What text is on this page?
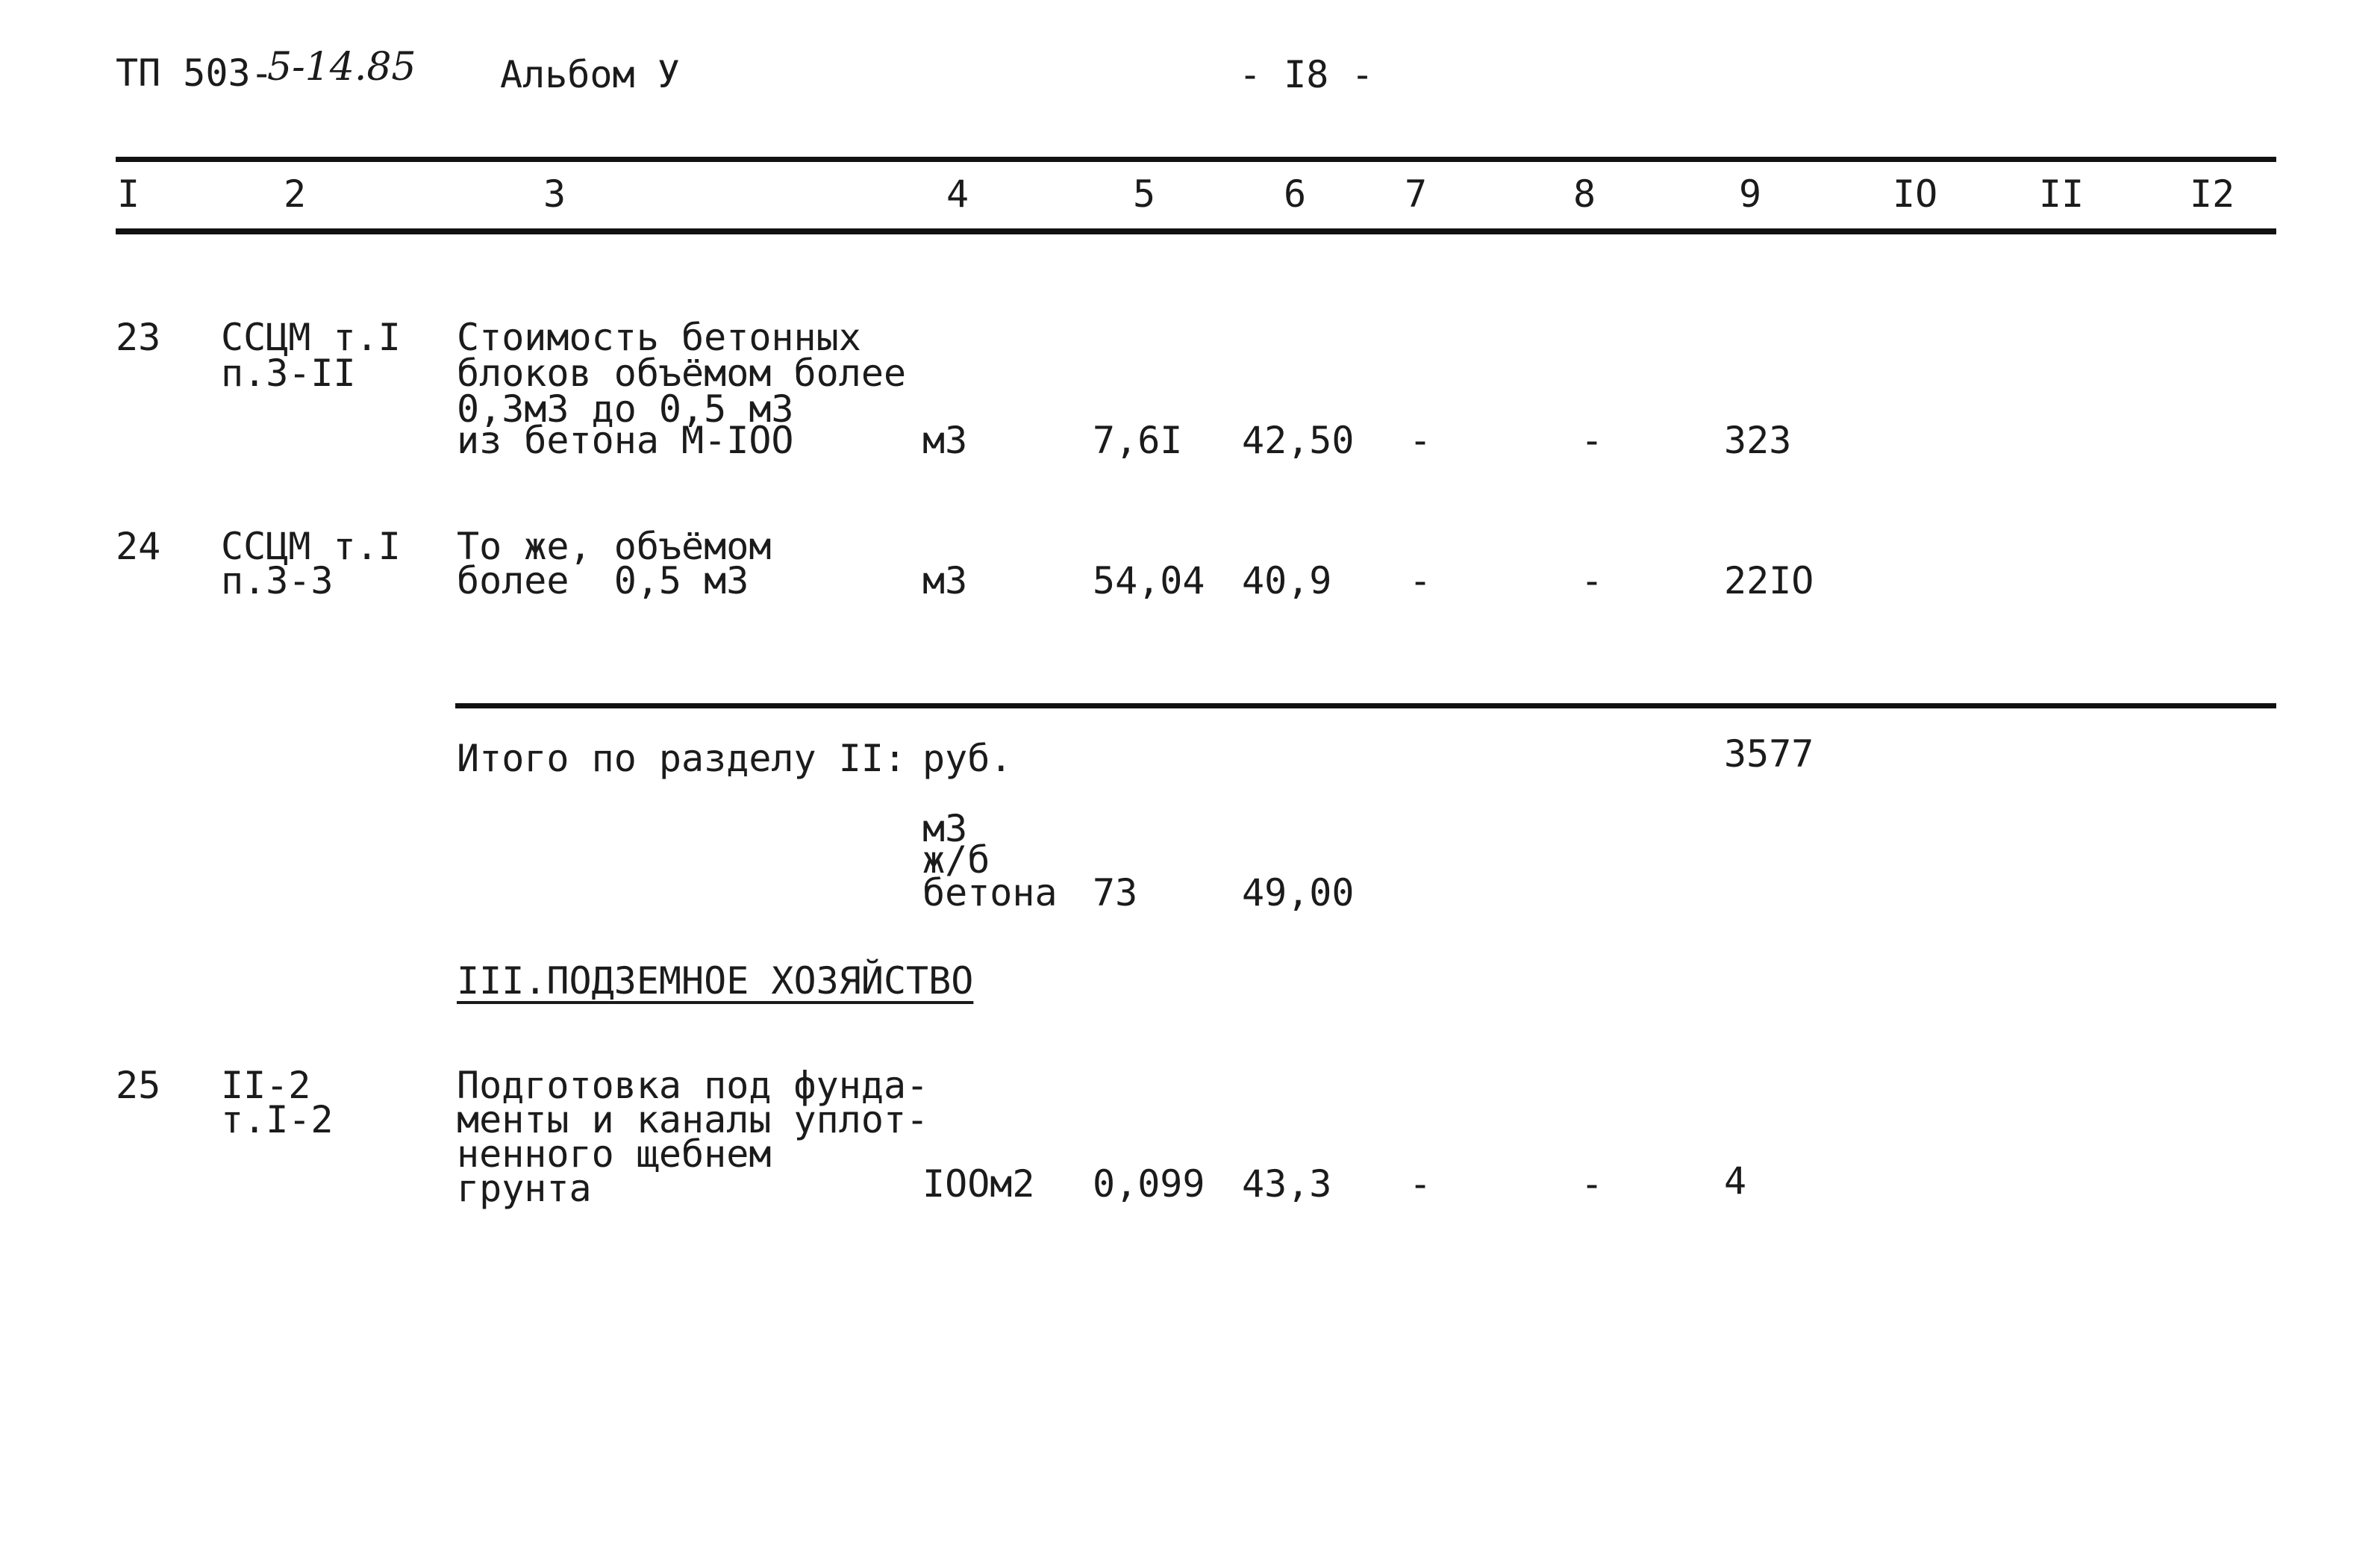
ТП 503-
5-14.85 Альбом У	- I8 -
I	2	3	4	5	6	7	8	9	IO	II	I2
23 ССЦМ т.I
п.3-II
Стоимость бетонных
блоков объёмом более
0,3м3 до 0,5 м3
из бетона М-IOO	м3	7,6I 42,50 -	-	323
24 ССЦМ т.I
п.3-3
То же, объёмом
более  0,5 м3	м3	54,04 40,9 -	-	22IO
Итого по разделу II: руб.	3577
м3
ж/б
бетона 73	49,00
III.ПОДЗЕМНОЕ ХОЗЯЙСТВО
25 II-2
т.I-2
Подготовка под фунда-
менты и каналы уплот-
ненного щебнем
грунта	IOOм2 0,099 43,3 -	-	4
